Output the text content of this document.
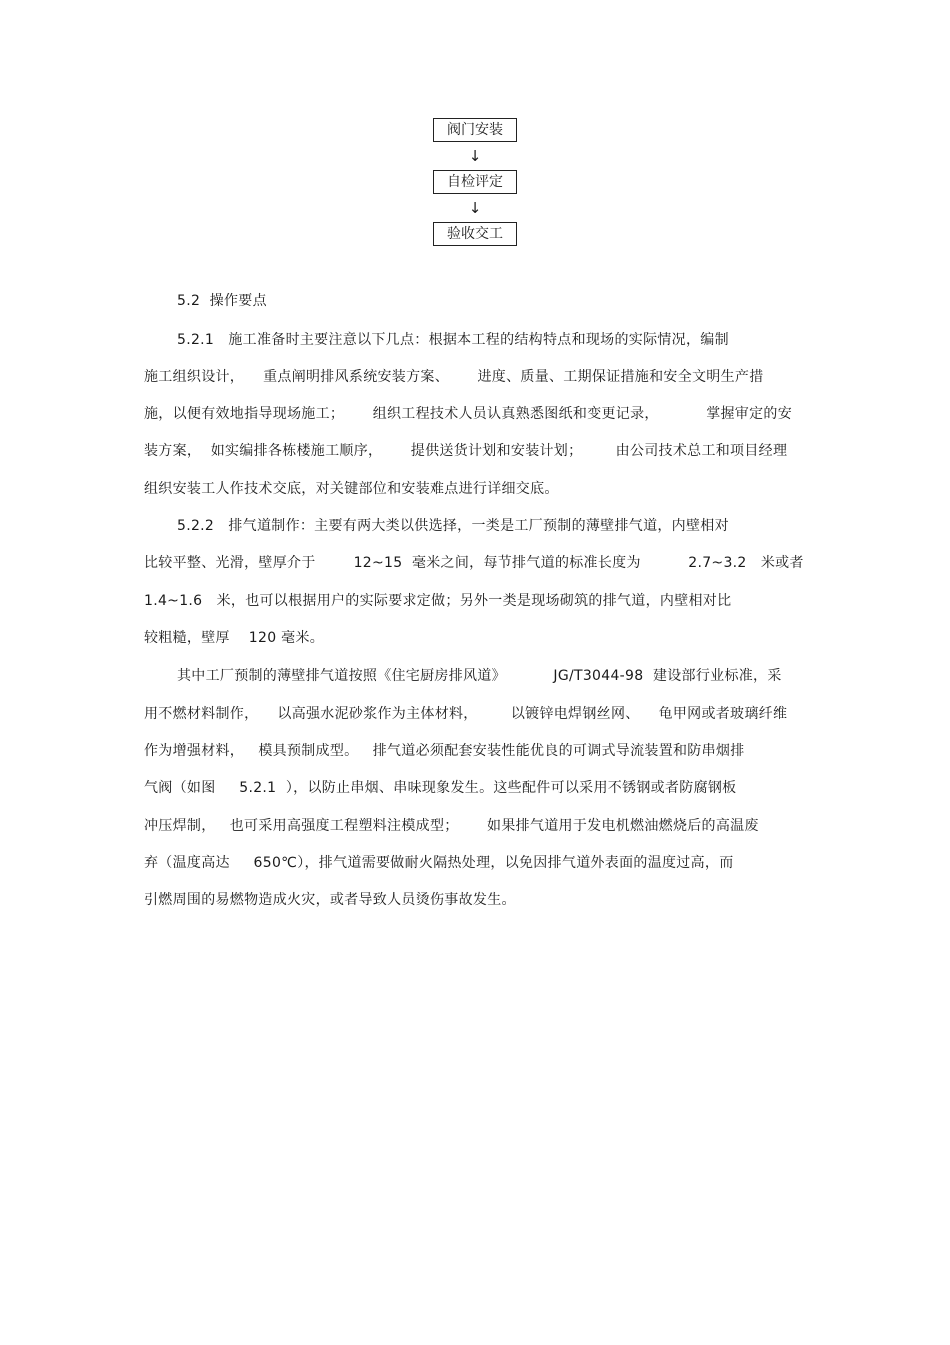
阀门安装
↓
自检评定
↓
验收交工
5.2  操作要点
5.2.1   施工准备时主要注意以下几点：根据本工程的结构特点和现场的实际情况，编制
施工组织设计，    重点阐明排风系统安装方案、      进度、质量、工期保证措施和安全文明生产措
施，以便有效地指导现场施工；      组织工程技术人员认真熟悉图纸和变更记录，          掌握审定的安
装方案，  如实编排各栋楼施工顺序，      提供送货计划和安装计划；       由公司技术总工和项目经理
组织安装工人作技术交底，对关键部位和安装难点进行详细交底。
5.2.2   排气道制作：主要有两大类以供选择，一类是工厂预制的薄壁排气道，内壁相对
比较平整、光滑，壁厚介于        12~15  毫米之间，每节排气道的标准长度为          2.7~3.2   米或者
1.4~1.6   米，也可以根据用户的实际要求定做；另外一类是现场砌筑的排气道，内壁相对比
较粗糙，壁厚    120 毫米。
其中工厂预制的薄壁排气道按照《住宅厨房排风道》          JG/T3044-98  建设部行业标准，采
用不燃材料制作，    以高强水泥砂浆作为主体材料，       以镀锌电焊钢丝网、    龟甲网或者玻璃纤维
作为增强材料，   模具预制成型。   排气道必须配套安装性能优良的可调式导流装置和防串烟排
气阀（如图     5.2.1  ），以防止串烟、串味现象发生。这些配件可以采用不锈钢或者防腐钢板
冲压焊制，   也可采用高强度工程塑料注模成型；      如果排气道用于发电机燃油燃烧后的高温废
弃（温度高达     650℃），排气道需要做耐火隔热处理，以免因排气道外表面的温度过高，而
引燃周围的易燃物造成火灾，或者导致人员烫伤事故发生。
